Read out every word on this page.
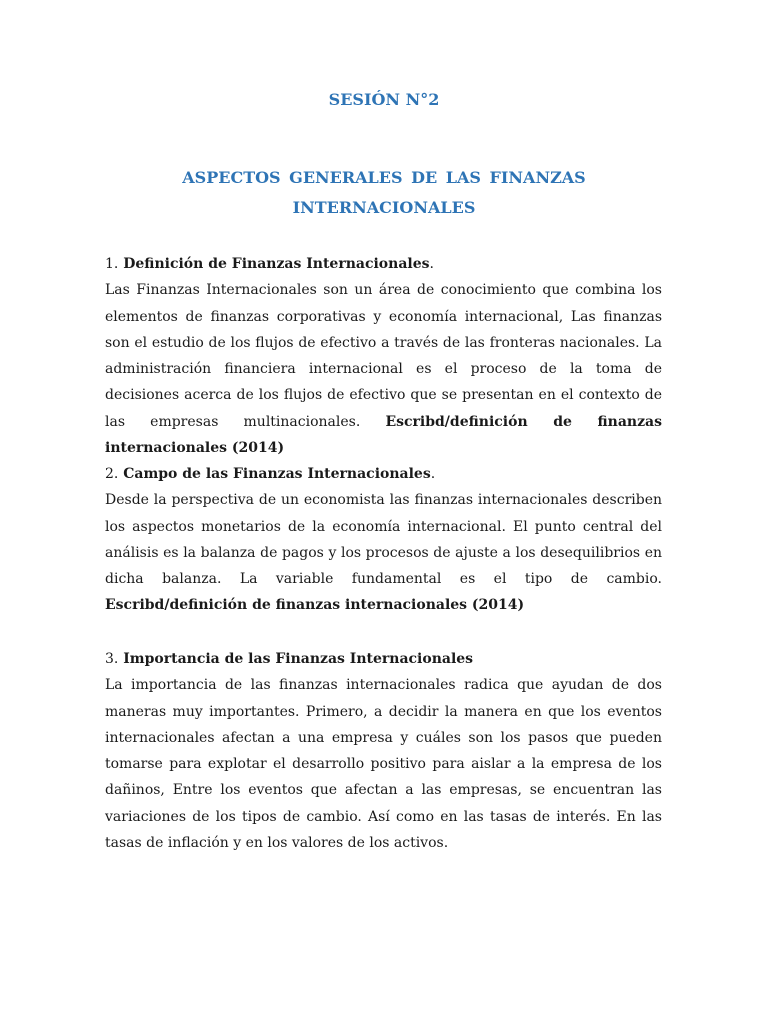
SESIÓN N°2
ASPECTOS GENERALES DE LAS FINANZAS INTERNACIONALES
1. Definición de Finanzas Internacionales.

Las Finanzas Internacionales son un área de conocimiento que combina los elementos de finanzas corporativas y economía internacional, Las finanzas son el estudio de los flujos de efectivo a través de las fronteras nacionales. La administración financiera internacional es el proceso de la toma de decisiones acerca de los flujos de efectivo que se presentan en el contexto de las empresas multinacionales. Escribd/definición de finanzas internacionales (2014)

2. Campo de las Finanzas Internacionales.

Desde la perspectiva de un economista las finanzas internacionales describen los aspectos monetarios de la economía internacional. El punto central del análisis es la balanza de pagos y los procesos de ajuste a los desequilibrios en dicha balanza. La variable fundamental es el tipo de cambio. Escribd/definición de finanzas internacionales (2014)

3. Importancia de las Finanzas Internacionales

La importancia de las finanzas internacionales radica que ayudan de dos maneras muy importantes. Primero, a decidir la manera en que los eventos internacionales afectan a una empresa y cuáles son los pasos que pueden tomarse para explotar el desarrollo positivo para aislar a la empresa de los dañinos, Entre los eventos que afectan a las empresas, se encuentran las variaciones de los tipos de cambio. Así como en las tasas de interés. En las tasas de inflación y en los valores de los activos.
